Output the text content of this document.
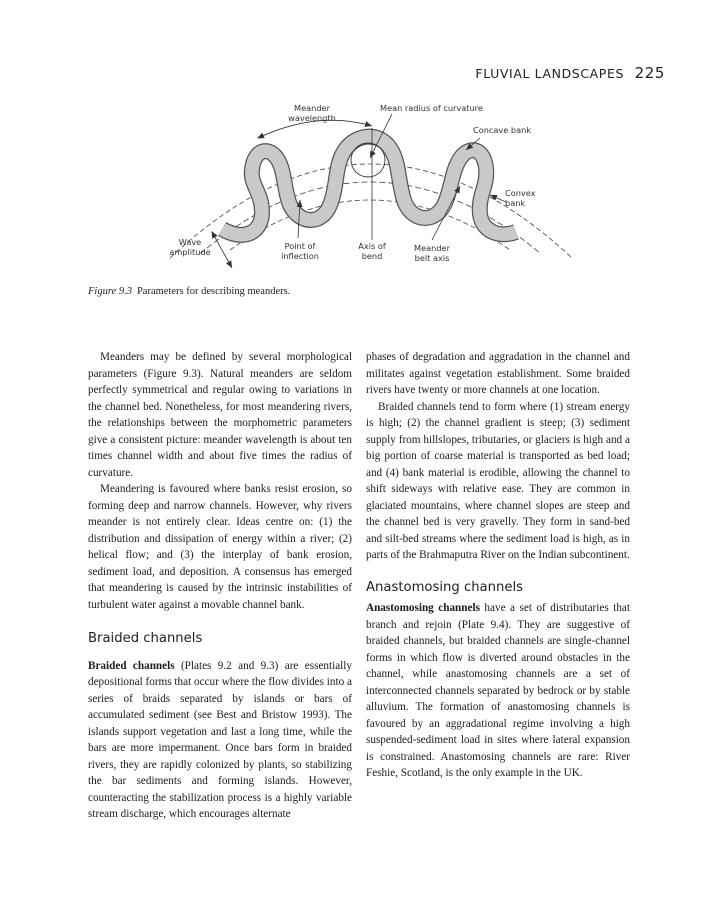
FLUVIAL LANDSCAPES 225
Meander
wavelength
Mean radius of curvature
Concave bank
Convex
bank
Wave
amplitude
Point of
inflection
Axis of
bend
Meander
belt axis
Figure 9.3 Parameters for describing meanders.

Meanders may be defined by several morphological parameters (Figure 9.3). Natural meanders are seldom perfectly symmetrical and regular owing to variations in the channel bed. Nonetheless, for most meandering rivers, the relationships between the morphometric parameters give a consistent picture: meander wavelength is about ten times channel width and about five times the radius of curvature.

Meandering is favoured where banks resist erosion, so forming deep and narrow channels. However, why rivers meander is not entirely clear. Ideas centre on: (1) the distribution and dissipation of energy within a river; (2) helical flow; and (3) the interplay of bank erosion, sediment load, and deposition. A consensus has emerged that meandering is caused by the intrinsic instabilities of turbulent water against a movable channel bank.

Braided channels

Braided channels (Plates 9.2 and 9.3) are essentially depositional forms that occur where the flow divides into a series of braids separated by islands or bars of accumulated sediment (see Best and Bristow 1993). The islands support vegetation and last a long time, while the bars are more impermanent. Once bars form in braided rivers, they are rapidly colonized by plants, so stabilizing the bar sediments and forming islands. However, counteracting the stabilization process is a highly variable stream discharge, which encourages alternate

phases of degradation and aggradation in the channel and militates against vegetation establishment. Some braided rivers have twenty or more channels at one location.

Braided channels tend to form where (1) stream energy is high; (2) the channel gradient is steep; (3) sediment supply from hillslopes, tributaries, or glaciers is high and a big portion of coarse material is transported as bed load; and (4) bank material is erodible, allowing the channel to shift sideways with relative ease. They are common in glaciated mountains, where channel slopes are steep and the channel bed is very gravelly. They form in sand-bed and silt-bed streams where the sediment load is high, as in parts of the Brahmaputra River on the Indian subcontinent.

Anastomosing channels

Anastomosing channels have a set of distributaries that branch and rejoin (Plate 9.4). They are suggestive of braided channels, but braided channels are single-channel forms in which flow is diverted around obstacles in the channel, while anastomosing channels are a set of interconnected channels separated by bedrock or by stable alluvium. The formation of anastomosing channels is favoured by an aggradational regime involving a high suspended-sediment load in sites where lateral expansion is constrained. Anastomosing channels are rare: River Feshie, Scotland, is the only example in the UK.
